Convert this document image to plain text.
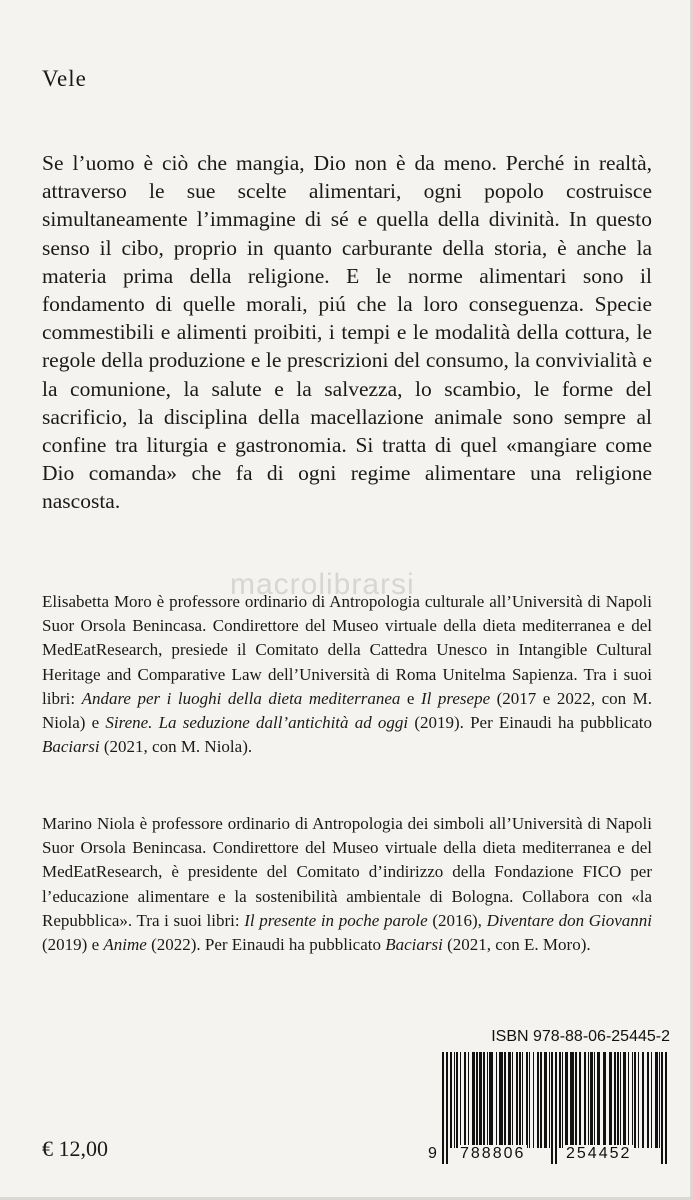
Vele

Se l’uomo è ciò che mangia, Dio non è da meno. Perché in realtà, attraverso le sue scelte alimentari, ogni popolo costruisce simultaneamente l’immagine di sé e quella della divinità. In questo senso il cibo, proprio in quanto carburante della storia, è anche la materia prima della religione. E le norme alimentari sono il fondamento di quelle morali, piú che la loro conseguenza. Specie commestibili e alimenti proibiti, i tempi e le modalità della cottura, le regole della produzione e le prescrizioni del consumo, la convivialità e la comunione, la salute e la salvezza, lo scambio, le forme del sacrificio, la disciplina della macellazione animale sono sempre al confine tra liturgia e gastronomia. Si tratta di quel «mangiare come Dio comanda» che fa di ogni regime alimentare una religione nascosta.

Elisabetta Moro è professore ordinario di Antropologia culturale all’Università di Napoli Suor Orsola Benincasa. Condirettore del Museo virtuale della dieta mediterranea e del MedEatResearch, presiede il Comitato della Cattedra Unesco in Intangible Cultural Heritage and Comparative Law dell’Università di Roma Unitelma Sapienza. Tra i suoi libri: Andare per i luoghi della dieta mediterranea e Il presepe (2017 e 2022, con M. Niola) e Sirene. La seduzione dall’antichità ad oggi (2019). Per Einaudi ha pubblicato Baciarsi (2021, con M. Niola).

Marino Niola è professore ordinario di Antropologia dei simboli all’Università di Napoli Suor Orsola Benincasa. Condirettore del Museo virtuale della dieta mediterranea e del MedEatResearch, è presidente del Comitato d’indirizzo della Fondazione FICO per l’educazione alimentare e la sostenibilità ambientale di Bologna. Collabora con «la Repubblica». Tra i suoi libri: Il presente in poche parole (2016), Diventare don Giovanni (2019) e Anime (2022). Per Einaudi ha pubblicato Baciarsi (2021, con E. Moro).

macrolibrarsi
ISBN 978-88-06-25445-2
9 788806	254452
€ 12,00
